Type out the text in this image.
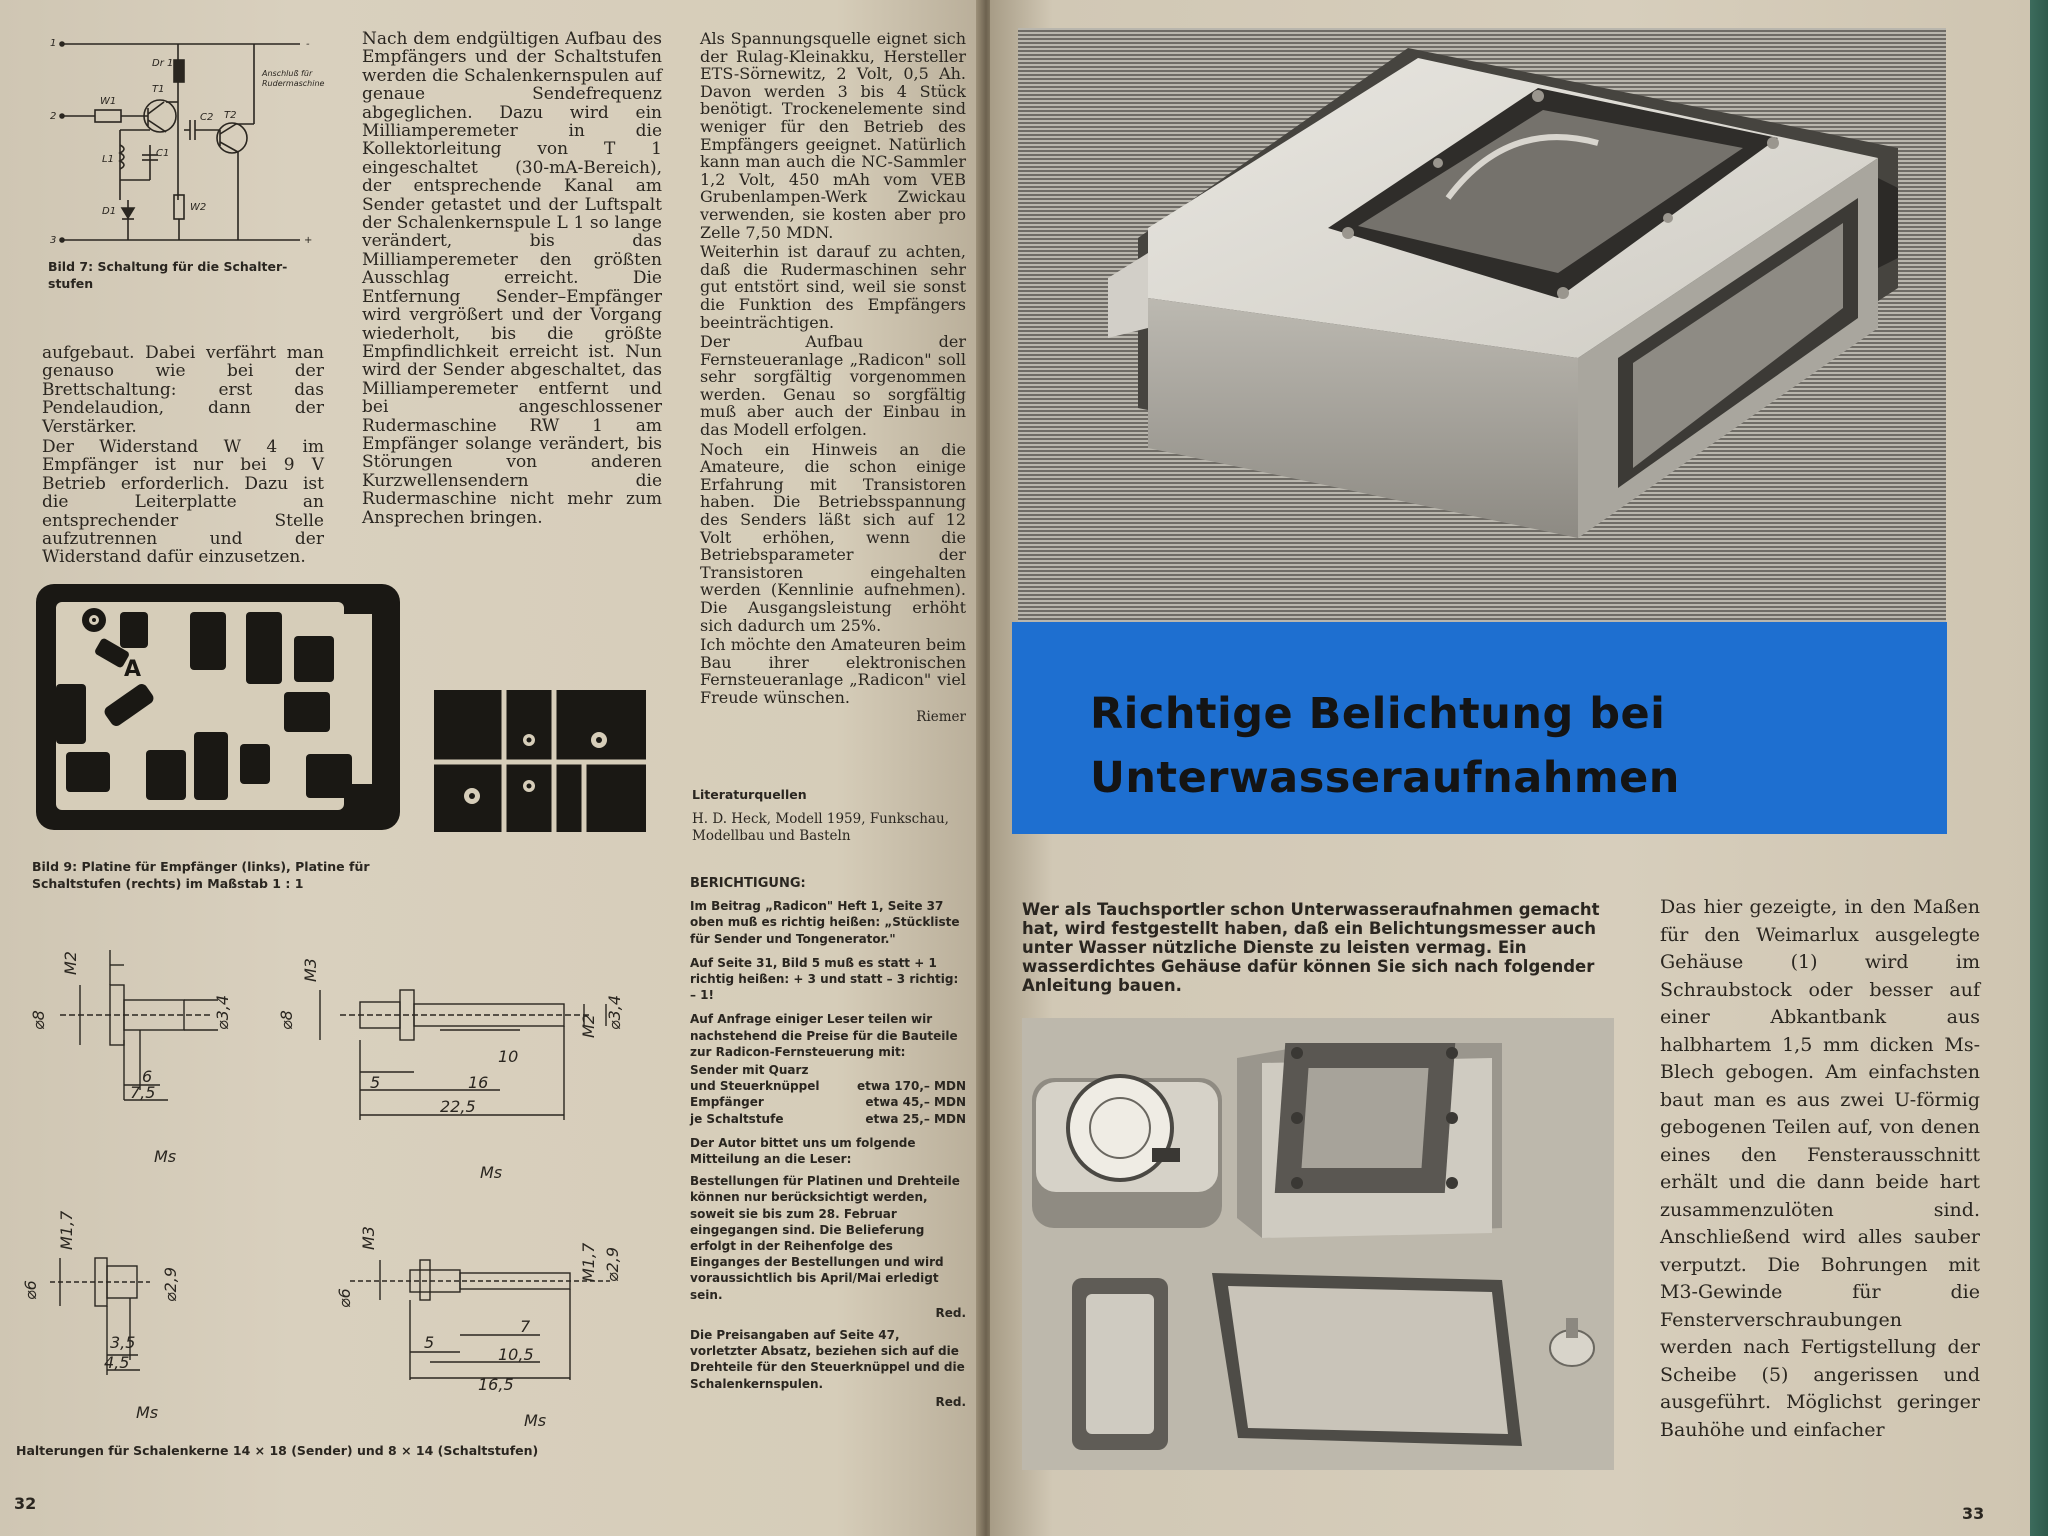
1
2
3
Dr 1
T1
T2
W1
C2
L1
C1
D1	W2
-
+
Anschluß für
Rudermaschine
Bild 7: Schaltung für die Schalter-
stufen

aufgebaut. Dabei verfährt man genauso wie bei der Brettschaltung: erst das Pendelaudion, dann der Verstärker.

Der Widerstand W 4 im Empfänger ist nur bei 9 V Betrieb erforderlich. Dazu ist die Leiterplatte an entsprechender Stelle aufzutrennen und der Widerstand dafür einzusetzen.

Nach dem endgültigen Aufbau des Empfängers und der Schaltstufen werden die Schalenkernspulen auf genaue Sendefrequenz abgeglichen. Dazu wird ein Milliamperemeter in die Kollektorleitung von T 1 eingeschaltet (30-mA-Bereich), der entsprechende Kanal am Sender getastet und der Luftspalt der Schalenkernspule L 1 so lange verändert, bis das Milliamperemeter den größten Ausschlag erreicht. Die Entfernung Sender–Empfänger wird vergrößert und der Vorgang wiederholt, bis die größte Empfindlichkeit erreicht ist. Nun wird der Sender abgeschaltet, das Milliamperemeter entfernt und bei angeschlossener Rudermaschine RW 1 am Empfänger solange verändert, bis Störungen von anderen Kurzwellensendern die Rudermaschine nicht mehr zum Ansprechen bringen.

A
Bild 9: Platine für Empfänger (links), Platine für
Schaltstufen (rechts) im Maßstab 1 : 1
M2
⌀8	⌀3,4
6
7,5
Ms
M3
M2
⌀8	⌀3,4
10
5	16
22,5
Ms
M1,7
⌀6	⌀2,9
3,5
4,5
Ms
M3
M1,7
⌀6
⌀2,9
7
5
10,5
16,5
Ms
Halterungen für Schalenkerne 14 × 18 (Sender) und 8 × 14 (Schaltstufen)

Als Spannungsquelle eignet sich der Rulag-Kleinakku, Hersteller ETS-Sörnewitz, 2 Volt, 0,5 Ah. Davon werden 3 bis 4 Stück benötigt. Trockenelemente sind weniger für den Betrieb des Empfängers geeignet. Natürlich kann man auch die NC-Sammler 1,2 Volt, 450 mAh vom VEB Grubenlampen-Werk Zwickau verwenden, sie kosten aber pro Zelle 7,50 MDN.

Weiterhin ist darauf zu achten, daß die Rudermaschinen sehr gut entstört sind, weil sie sonst die Funktion des Empfängers beeinträchtigen.

Der Aufbau der Fernsteueranlage „Radicon" soll sehr sorgfältig vorgenommen werden. Genau so sorgfältig muß aber auch der Einbau in das Modell erfolgen.

Noch ein Hinweis an die Amateure, die schon einige Erfahrung mit Transistoren haben. Die Betriebsspannung des Senders läßt sich auf 12 Volt erhöhen, wenn die Betriebsparameter der Transistoren eingehalten werden (Kennlinie aufnehmen). Die Ausgangsleistung erhöht sich dadurch um 25%.

Ich möchte den Amateuren beim Bau ihrer elektronischen Fernsteueranlage „Radicon" viel Freude wünschen.

Riemer
Literaturquellen
H. D. Heck, Modell 1959, Funkschau, Modellbau und Basteln
BERICHTIGUNG:

Im Beitrag „Radicon" Heft 1, Seite 37 oben muß es richtig heißen: „Stückliste für Sender und Tongenerator."

Auf Seite 31, Bild 5 muß es statt + 1 richtig heißen: + 3 und statt – 3 richtig: – 1!

Auf Anfrage einiger Leser teilen wir nachstehend die Preise für die Bauteile zur Radicon-Fernsteuerung mit:

Sender mit Quarz
und Steuerknüppel	etwa 170,– MDN
Empfänger	etwa 45,– MDN
je Schaltstufe	etwa 25,– MDN

Der Autor bittet uns um folgende Mitteilung an die Leser:

Bestellungen für Platinen und Drehteile können nur berücksichtigt werden, soweit sie bis zum 28. Februar eingegangen sind. Die Belieferung erfolgt in der Reihenfolge des Einganges der Bestellungen und wird voraussichtlich bis April/Mai erledigt sein.

Red.

Die Preisangaben auf Seite 47, vorletzter Absatz, beziehen sich auf die Drehteile für den Steuerknüppel und die Schalenkernspulen.

Red.
32
Richtige Belichtung bei
Unterwasseraufnahmen
Wer als Tauchsportler schon Unterwasseraufnahmen gemacht hat, wird festgestellt haben, daß ein Belichtungsmesser auch unter Wasser nützliche Dienste zu leisten vermag. Ein wasserdichtes Gehäuse dafür können Sie sich nach folgender Anleitung bauen.
Das hier gezeigte, in den Maßen für den Weimarlux ausgelegte Gehäuse (1) wird im Schraubstock oder besser auf einer Abkantbank aus halbhartem 1,5 mm dicken Ms-Blech gebogen. Am einfachsten baut man es aus zwei U-förmig gebogenen Teilen auf, von denen eines den Fensterausschnitt erhält und die dann beide hart zusammenzulöten sind. Anschließend wird alles sauber verputzt. Die Bohrungen mit M3-Gewinde für die Fensterverschraubungen werden nach Fertigstellung der Scheibe (5) angerissen und ausgeführt. Möglichst geringer Bauhöhe und einfacher
33
